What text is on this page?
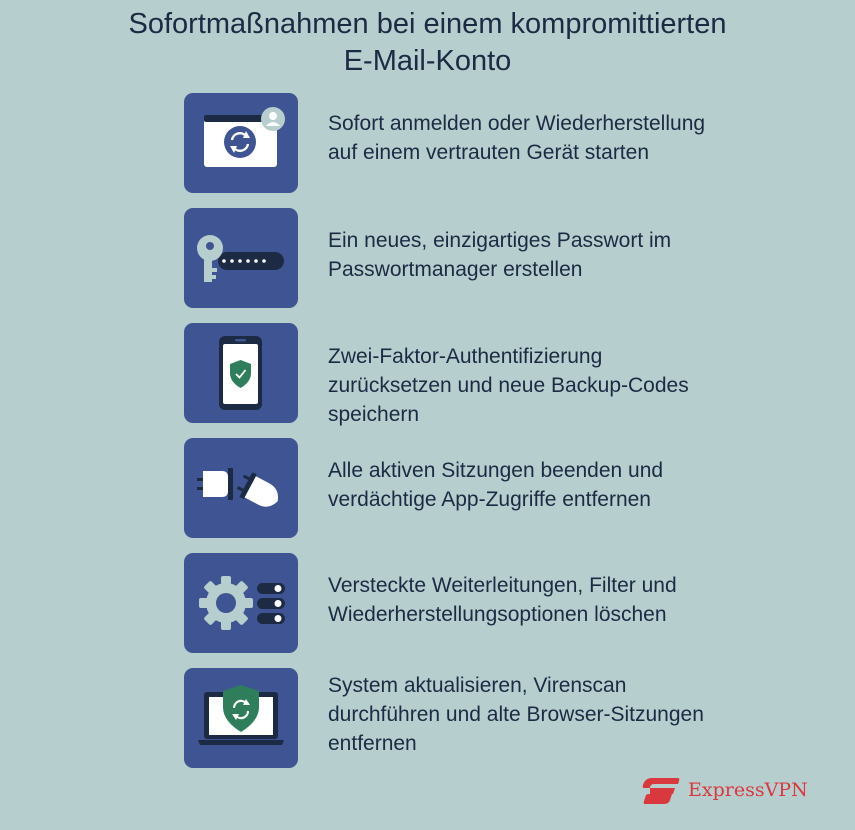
Sofortmaßnahmen bei einem kompromittierten
E-Mail-Konto
Sofort anmelden oder Wiederherstellung
auf einem vertrauten Gerät starten
Ein neues, einzigartiges Passwort im
Passwortmanager erstellen
Zwei-Faktor-Authentifizierung
zurücksetzen und neue Backup-Codes
speichern
Alle aktiven Sitzungen beenden und
verdächtige App-Zugriffe entfernen
Versteckte Weiterleitungen, Filter und
Wiederherstellungsoptionen löschen
System aktualisieren, Virenscan
durchführen und alte Browser-Sitzungen
entfernen
ExpressVPN
